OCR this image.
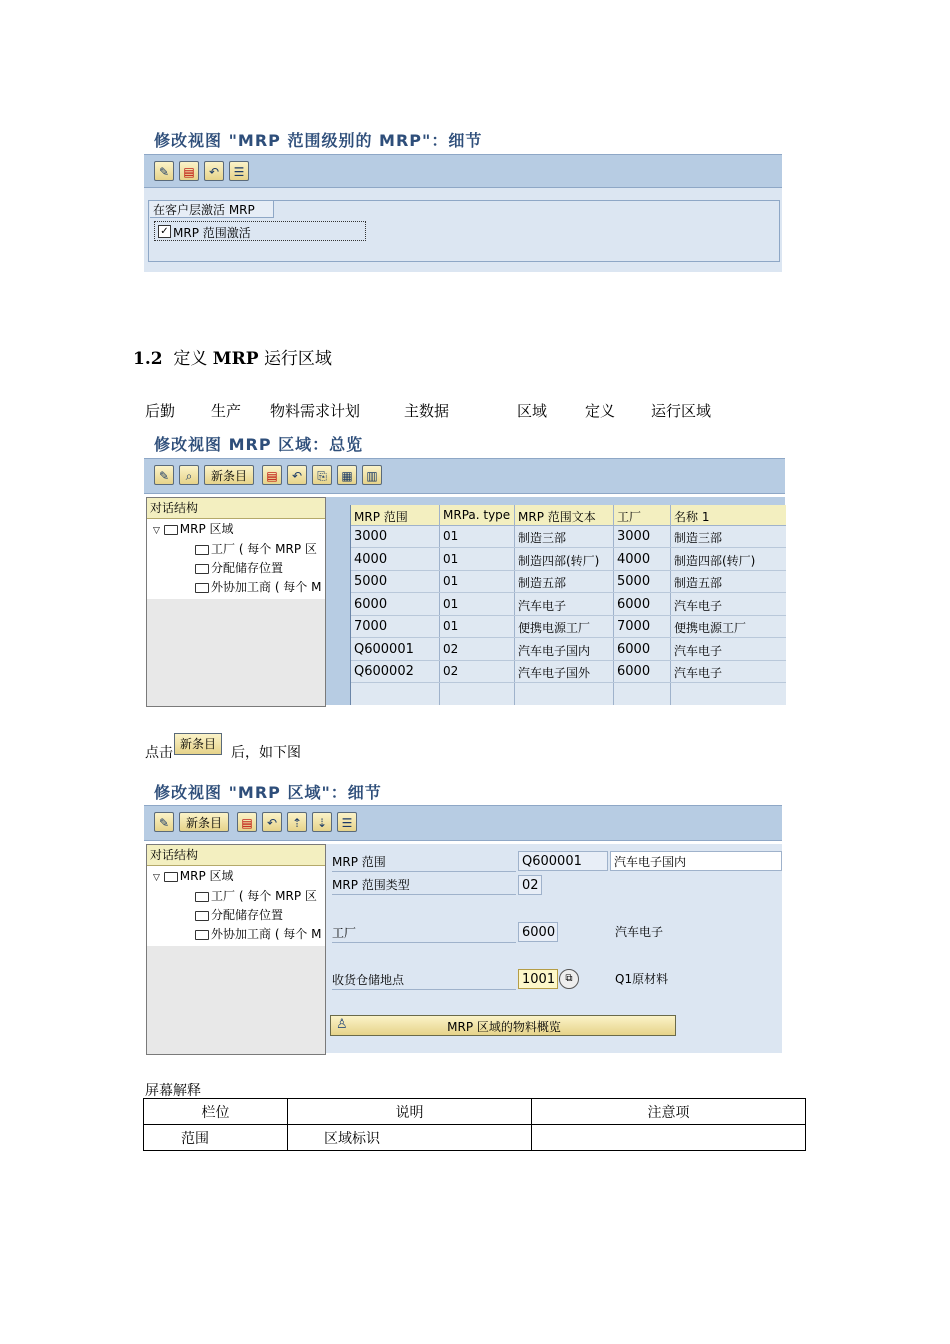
修改视图 "MRP 范围级别的 MRP"：细节
✎	▤	↶	☰
在客户层激活 MRP
✓ MRP 范围激活
1.2 定义 MRP 运行区域
后勤 生产 物料需求计划	主数据	区域	定义 运行区域
修改视图 MRP 区域：总览
✎	⌕	新条目	▤	↶	⎘	▦	▥
对话结构
▽ MRP 区域
工厂 ( 每个 MRP 区
分配储存位置
外协加工商 ( 每个 M
MRP 范围	MRPa. type MRP 范围文本 工厂	名称 1
3000	01	制造三部	3000 制造三部
4000	01	制造四部(转厂) 4000 制造四部(转厂)
5000	01	制造五部	5000 制造五部
6000	01	汽车电子	6000 汽车电子
7000	01	便携电源工厂 7000 便携电源工厂
Q600001 02	汽车电子国内 6000 汽车电子
Q600002 02	汽车电子国外 6000 汽车电子
点击
新条目
后，如下图
修改视图 "MRP 区域"：细节
✎	新条目	▤	↶	⇡	⇣	☰
对话结构
▽ MRP 区域
工厂 ( 每个 MRP 区
分配储存位置
外协加工商 ( 每个 M
MRP 范围	Q600001	汽车电子国内
MRP 范围类型	02
工厂	6000	汽车电子
收货仓储地点	1001	⧉	Q1原材料
♙	MRP 区域的物料概览
屏幕解释
栏位	说明	注意项
范围	区域标识	
